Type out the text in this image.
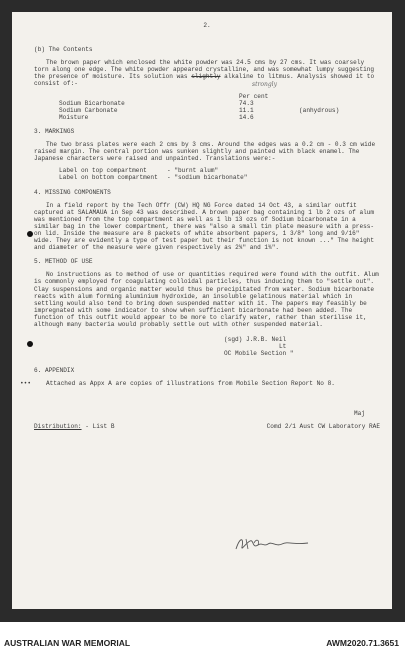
2.
(b) The Contents
The brown paper which enclosed the white powder was 24.5 cms by 27 cms. It was coarsely torn along one edge. The white powder appeared crystalline, and was somewhat lumpy suggesting the presence of moisture. Its solution was slightly alkaline to litmus. Analysis showed it to consist of:-	strongly
Per cent
Sodium Bicarbonate	74.3
Sodium Carbonate	11.1	(anhydrous)
Moisture	14.6
3. MARKINGS
The two brass plates were each 2 cms by 3 cms. Around the edges was a 0.2 cm - 0.3 cm wide raised margin. The central portion was sunken slightly and painted with black enamel. The Japanese characters were raised and unpainted. Translations were:-
Label on top compartment	- "burnt alum"
Label on bottom compartment	- "sodium bicarbonate"
4. MISSING COMPONENTS
In a field report by the Tech Offr (CW) HQ NG Force dated 14 Oct 43, a similar outfit captured at SALAMAUA in Sep 43 was described. A brown paper bag containing 1 lb 2 ozs of alum was mentioned from the top compartment as well as 1 lb 13 ozs of Sodium bicarbonate in a similar bag in the lower compartment, there was "also a small tin plate measure with a press-on lid. Inside the measure are 8 packets of white absorbent papers, 1 3/8" long and 9/16" wide. They are evidently a type of test paper but their function is not known ..." The height and diameter of the measure were given respectively as 2¾" and 1¾".
5. METHOD OF USE
No instructions as to method of use or quantities required were found with the outfit. Alum is commonly employed for coagulating colloidal particles, thus inducing them to "settle out". Clay suspensions and organic matter would thus be precipitated from water. Sodium bicarbonate reacts with alum forming aluminium hydroxide, an insoluble gelatinous material which in settling would also tend to bring down suspended matter with it. The papers may feasibly be impregnated with some indicator to show when sufficient bicarbonate had been added. The function of this outfit would appear to be more to clarify water, rather than sterilise it, although many bacteria would probably settle out with other suspended material.
(sgd) J.R.B. Neil
Lt
OC Mobile Section "
6. APPENDIX
•••	Attached as Appx A are copies of illustrations from Mobile Section Report No 8.
Maj
Distribution: - List B	Comd 2/1 Aust CW Laboratory RAE
AUSTRALIAN WAR MEMORIAL	AWM2020.71.3651
